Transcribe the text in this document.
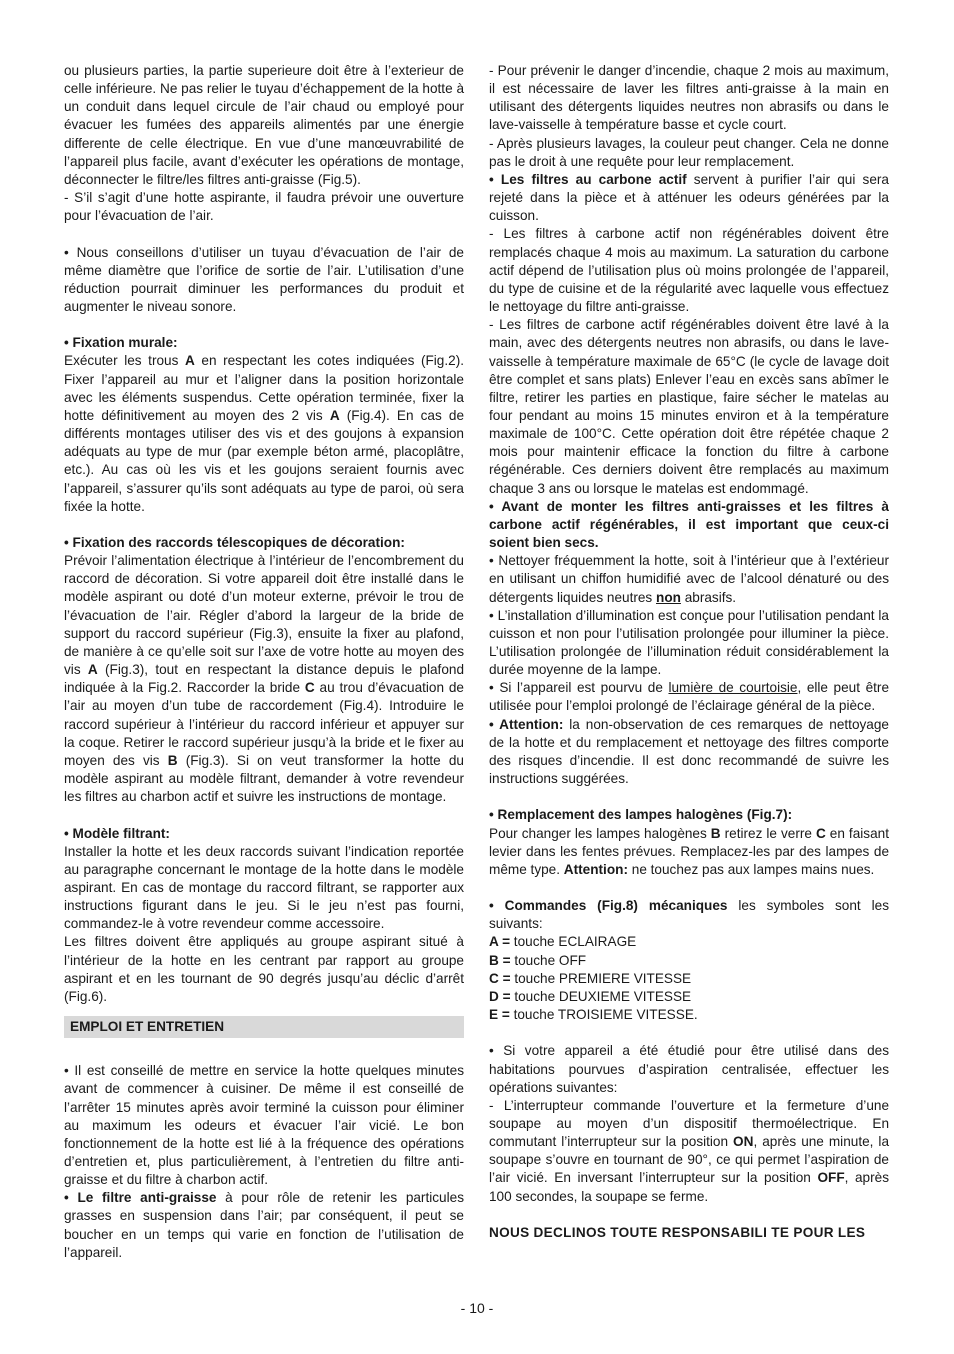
ou plusieurs parties, la partie superieure doit être à l’exterieur de celle inférieure. Ne pas relier le tuyau d’échappement de la hotte à un conduit dans lequel circule de l’air chaud ou employé pour évacuer les fumées des appareils alimentés par une énergie differente de celle électrique. En vue d’une manœuvrabilité de l’appareil plus facile, avant d’exécuter les opérations de montage, déconnecter le filtre/les filtres anti-graisse (Fig.5).

- S’il s’agit d’une hotte aspirante, il faudra prévoir une ouverture pour l’évacuation de l’air.

• Nous conseillons d’utiliser un tuyau d’évacuation de l’air de même diamètre que l’orifice de sortie de l’air. L’utilisation d’une réduction pourrait diminuer les performances du produit et augmenter le niveau sonore.

• Fixation murale:

Exécuter les trous A en respectant les cotes indiquées (Fig.2). Fixer l’appareil au mur et l’aligner dans la position horizontale avec les éléments suspendus. Cette opération terminée, fixer la hotte définitivement au moyen des 2 vis A (Fig.4). En cas de différents montages utiliser des vis et des goujons à expansion adéquats au type de mur (par exemple béton armé, placoplâtre, etc.). Au cas où les vis et les goujons seraient fournis avec l’appareil, s’assurer qu’ils sont adéquats au type de paroi, où sera fixée la hotte.

• Fixation des raccords télescopiques de décoration:

Prévoir l’alimentation électrique à l’intérieur de l’encombrement du raccord de décoration. Si votre appareil doit être installé dans le modèle aspirant ou doté d’un moteur externe, prévoir le trou de l’évacuation de l’air. Régler d’abord la largeur de la bride de support du raccord supérieur (Fig.3), ensuite la fixer au plafond, de manière à ce qu’elle soit sur l’axe de votre hotte au moyen des vis A (Fig.3), tout en respectant la distance depuis le plafond indiquée à la Fig.2. Raccorder la bride C au trou d’évacuation de l’air au moyen d’un tube de raccordement (Fig.4). Introduire le raccord supérieur à l’intérieur du raccord inférieur et appuyer sur la coque. Retirer le raccord supérieur jusqu’à la bride et le fixer au moyen des vis B (Fig.3). Si on veut transformer la hotte du modèle aspirant au modèle filtrant, demander à votre revendeur les filtres au charbon actif et suivre les instructions de montage.

• Modèle filtrant:

Installer la hotte et les deux raccords suivant l’indication reportée au paragraphe concernant le montage de la hotte dans le modèle aspirant. En cas de montage du raccord filtrant, se rapporter aux instructions figurant dans le jeu. Si le jeu n’est pas fourni, commandez-le à votre revendeur comme accessoire.

Les filtres doivent être appliqués au groupe aspirant situé à l’intérieur de la hotte en les centrant par rapport au groupe aspirant et en les tournant de 90 degrés jusqu’au déclic d’arrêt (Fig.6).

EMPLOI ET ENTRETIEN

• Il est conseillé de mettre en service la hotte quelques minutes avant de commencer à cuisiner. De même il est conseillé de l’arrêter 15 minutes après avoir terminé la cuisson pour éliminer au maximum les odeurs et évacuer l’air vicié. Le bon fonctionnement de la hotte est lié à la fréquence des opérations d’entretien et, plus particulièrement, à l’entretien du filtre anti-graisse et du filtre à charbon actif.

• Le filtre anti-graisse à pour rôle de retenir les particules grasses en suspension dans l’air; par conséquent, il peut se boucher en un temps qui varie en fonction de l’utilisation de l’appareil.

- Pour prévenir le danger d’incendie, chaque 2 mois au maximum, il est nécessaire de laver les filtres anti-graisse à la main en utilisant des détergents liquides neutres non abrasifs ou dans le lave-vaisselle à température basse et cycle court.

- Après plusieurs lavages, la couleur peut changer. Cela ne donne pas le droit à une requête pour leur remplacement.

• Les filtres au carbone actif servent à purifier l’air qui sera rejeté dans la pièce et à atténuer les odeurs générées par la cuisson.

- Les filtres à carbone actif non régénérables doivent être remplacés chaque 4 mois au maximum. La saturation du carbone actif dépend de l’utilisation plus où moins prolongée de l’appareil, du type de cuisine et de la régularité avec laquelle vous effectuez le nettoyage du filtre anti-graisse.

- Les filtres de carbone actif régénérables doivent être lavé à la main, avec des détergents neutres non abrasifs, ou dans le lave-vaisselle à température maximale de 65°C (le cycle de lavage doit être complet et sans plats) Enlever l’eau en excès sans abîmer le filtre, retirer les parties en plastique, faire sécher le matelas au four pendant au moins 15 minutes environ et à la température maximale de 100°C. Cette opération doit être répétée chaque 2 mois pour maintenir efficace la fonction du filtre à carbone régénérable. Ces derniers doivent être remplacés au maximum chaque 3 ans ou lorsque le matelas est endommagé.

• Avant de monter les filtres anti-graisses et les filtres à carbone actif régénérables, il est important que ceux-ci soient bien secs.

• Nettoyer fréquemment la hotte, soit à l’intérieur que à l’extérieur en utilisant un chiffon humidifié avec de l’alcool dénaturé ou des détergents liquides neutres non abrasifs.

• L’installation d’illumination est conçue pour l’utilisation pendant la cuisson et non pour l’utilisation prolongée pour illuminer la pièce. L’utilisation prolongée de l’illumination réduit considérablement la durée moyenne de la lampe.

• Si l’appareil est pourvu de lumière de courtoisie, elle peut être utilisée pour l’emploi prolongé de l’éclairage général de la pièce.

• Attention: la non-observation de ces remarques de nettoyage de la hotte et du remplacement et nettoyage des filtres comporte des risques d’incendie. Il est donc recommandé de suivre les instructions suggérées.

• Remplacement des lampes halogènes (Fig.7):

Pour changer les lampes halogènes B retirez le verre C en faisant levier dans les fentes prévues. Remplacez-les par des lampes de même type. Attention: ne touchez pas aux lampes mains nues.

• Commandes (Fig.8) mécaniques les symboles sont les suivants:

A = touche ECLAIRAGE

B = touche OFF

C = touche PREMIERE VITESSE

D = touche DEUXIEME VITESSE

E = touche TROISIEME VITESSE.

• Si votre appareil a été étudié pour être utilisé dans des habitations pourvues d’aspiration centralisée, effectuer les opérations suivantes:

- L’interrupteur commande l’ouverture et la fermeture d’une soupape au moyen d’un dispositif thermoélectrique. En commutant l’interrupteur sur la position ON, après une minute, la soupape s’ouvre en tournant de 90°, ce qui permet l’aspiration de l’air vicié. En inversant l’interrupteur sur la position OFF, après 100 secondes, la soupape se ferme.

NOUS DECLINOS TOUTE RESPONSABILI TE POUR LES

- 10 -
